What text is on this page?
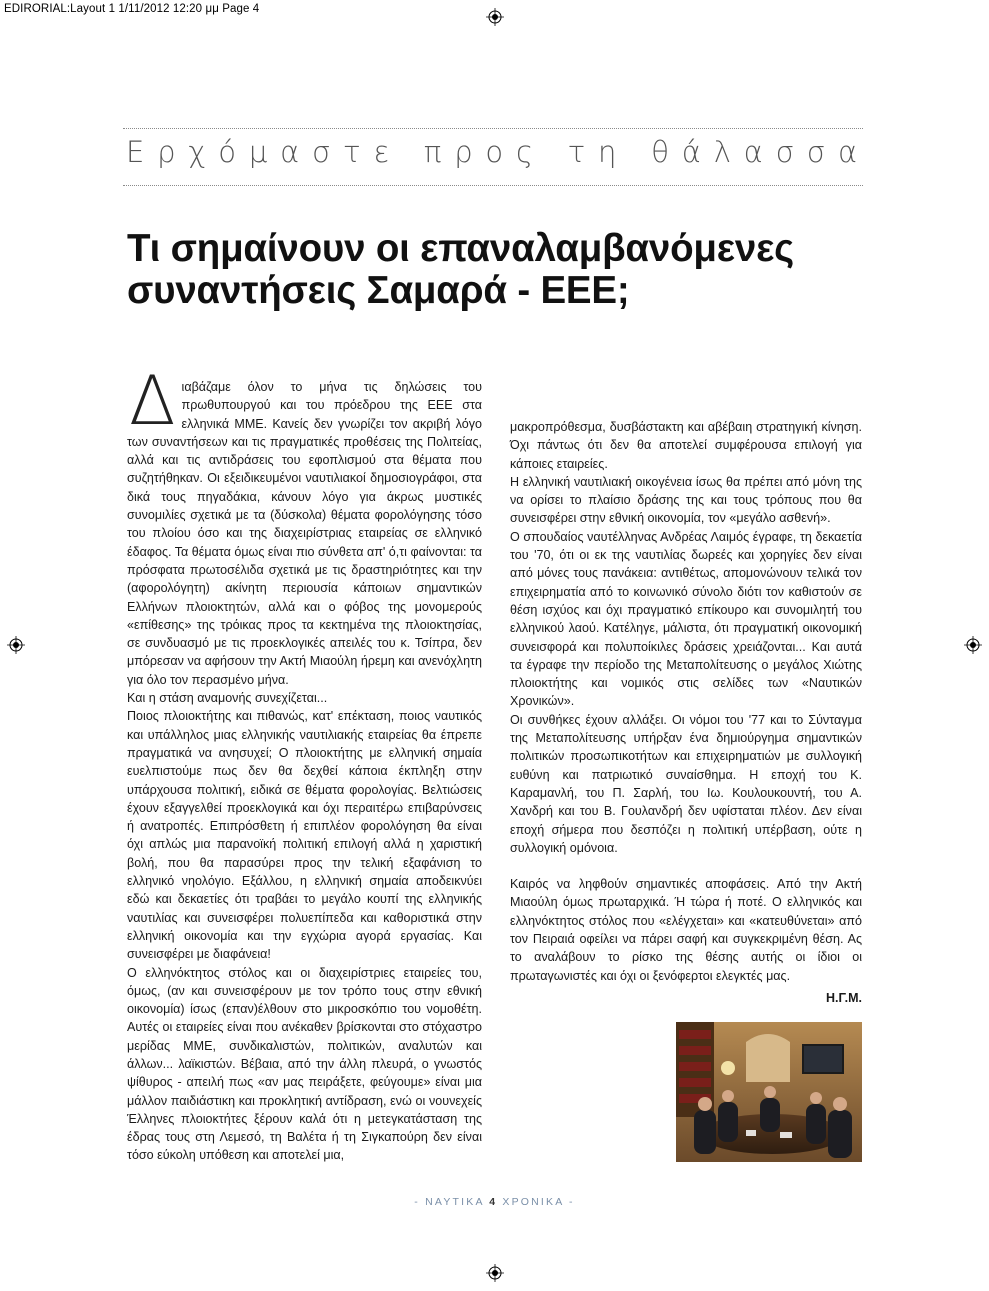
EDIRORIAL:Layout 1 1/11/2012 12:20 μμ Page 4
Ερχόμαστε προς τη θάλασσα
Τι σημαίνουν οι επαναλαμβανόμενες
συναντήσεις Σαμαρά - ΕΕΕ;

Διαβάζαμε όλον το μήνα τις δηλώσεις του πρωθυπουργού και του πρόεδρου της ΕΕΕ στα ελληνικά ΜΜΕ. Κανείς δεν γνωρίζει τον ακριβή λόγο των συναντήσεων και τις πραγματικές προθέσεις της Πολιτείας, αλλά και τις αντιδράσεις του εφοπλισμού στα θέματα που συζητήθηκαν. Οι εξειδικευμένοι ναυτιλιακοί δημοσιογράφοι, στα δικά τους πηγαδάκια, κάνουν λόγο για άκρως μυστικές συνομιλίες σχετικά με τα (δύσκολα) θέματα φορολόγησης τόσο του πλοίου όσο και της διαχειρίστριας εταιρείας σε ελληνικό έδαφος. Τα θέματα όμως είναι πιο σύνθετα απ' ό,τι φαίνονται: τα πρόσφατα πρωτοσέλιδα σχετικά με τις δραστηριότητες και την (αφορολόγητη) ακίνητη περιουσία κάποιων σημαντικών Ελλήνων πλοιοκτητών, αλλά και ο φόβος της μονομερούς «επίθεσης» της τρόικας προς τα κεκτημένα της πλοιοκτησίας, σε συνδυασμό με τις προεκλογικές απειλές του κ. Τσίπρα, δεν μπόρεσαν να αφήσουν την Ακτή Μιαούλη ήρεμη και ανενόχλητη για όλο τον περασμένο μήνα.

Και η στάση αναμονής συνεχίζεται...

Ποιος πλοιοκτήτης και πιθανώς, κατ' επέκταση, ποιος ναυτικός και υπάλληλος μιας ελληνικής ναυτιλιακής εταιρείας θα έπρεπε πραγματικά να ανησυχεί; Ο πλοιοκτήτης με ελληνική σημαία ευελπιστούμε πως δεν θα δεχθεί κάποια έκπληξη στην υπάρχουσα πολιτική, ειδικά σε θέματα φορολογίας. Βελτιώσεις έχουν εξαγγελθεί προεκλογικά και όχι περαιτέρω επιβαρύνσεις ή ανατροπές. Επιπρόσθετη ή επιπλέον φορολόγηση θα είναι όχι απλώς μια παρανοϊκή πολιτική επιλογή αλλά η χαριστική βολή, που θα παρασύρει προς την τελική εξαφάνιση το ελληνικό νηολόγιο. Εξάλλου, η ελληνική σημαία αποδεικνύει εδώ και δεκαετίες ότι τραβάει το μεγάλο κουπί της ελληνικής ναυτιλίας και συνεισφέρει πολυεπίπεδα και καθοριστικά στην ελληνική οικονομία και την εγχώρια αγορά εργασίας. Και συνεισφέρει με διαφάνεια!

Ο ελληνόκτητος στόλος και οι διαχειρίστριες εταιρείες του, όμως, (αν και συνεισφέρουν με τον τρόπο τους στην εθνική οικονομία) ίσως (επαν)έλθουν στο μικροσκόπιο του νομοθέτη. Αυτές οι εταιρείες είναι που ανέκαθεν βρίσκονται στο στόχαστρο μερίδας ΜΜΕ, συνδικαλιστών, πολιτικών, αναλυτών και άλλων... λαϊκιστών. Βέβαια, από την άλλη πλευρά, ο γνωστός ψίθυρος - απειλή πως «αν μας πειράξετε, φεύγουμε» είναι μια μάλλον παιδιάστικη και προκλητική αντίδραση, ενώ οι νουνεχείς Έλληνες πλοιοκτήτες ξέρουν καλά ότι η μετεγκατάσταση της έδρας τους στη Λεμεσό, τη Βαλέτα ή τη Σιγκαπούρη δεν είναι τόσο εύκολη υπόθεση και αποτελεί μια,

μακροπρόθεσμα, δυσβάστακτη και αβέβαιη στρατηγική κίνηση. Όχι πάντως ότι δεν θα αποτελεί συμφέρουσα επιλογή για κάποιες εταιρείες.

Η ελληνική ναυτιλιακή οικογένεια ίσως θα πρέπει από μόνη της να ορίσει το πλαίσιο δράσης της και τους τρόπους που θα συνεισφέρει στην εθνική οικονομία, τον «μεγάλο ασθενή».

Ο σπουδαίος ναυτέλληνας Ανδρέας Λαιμός έγραφε, τη δεκαετία του '70, ότι οι εκ της ναυτιλίας δωρεές και χορηγίες δεν είναι από μόνες τους πανάκεια: αντιθέτως, απομονώνουν τελικά τον επιχειρηματία από το κοινωνικό σύνολο διότι τον καθιστούν σε θέση ισχύος και όχι πραγματικό επίκουρο και συνομιλητή του ελληνικού λαού. Κατέληγε, μάλιστα, ότι πραγματική οικονομική συνεισφορά και πολυποίκιλες δράσεις χρειάζονται... Και αυτά τα έγραφε την περίοδο της Μεταπολίτευσης ο μεγάλος Χιώτης πλοιοκτήτης και νομικός στις σελίδες των «Ναυτικών Χρονικών».

Οι συνθήκες έχουν αλλάξει. Οι νόμοι του '77 και το Σύνταγμα της Μεταπολίτευσης υπήρξαν ένα δημιούργημα σημαντικών πολιτικών προσωπικοτήτων και επιχειρηματιών με συλλογική ευθύνη και πατριωτικό συναίσθημα. Η εποχή του Κ. Καραμανλή, του Π. Σαρλή, του Ιω. Κουλουκουντή, του Α. Χανδρή και του Β. Γουλανδρή δεν υφίσταται πλέον. Δεν είναι εποχή σήμερα που δεσπόζει η πολιτική υπέρβαση, ούτε η συλλογική ομόνοια.

Καιρός να ληφθούν σημαντικές αποφάσεις. Από την Ακτή Μιαούλη όμως πρωταρχικά. Ή τώρα ή ποτέ. Ο ελληνικός και ελληνόκτητος στόλος που «ελέγχεται» και «κατευθύνεται» από τον Πειραιά οφείλει να πάρει σαφή και συγκεκριμένη θέση. Ας το αναλάβουν το ρίσκο της θέσης αυτής οι ίδιοι οι πρωταγωνιστές και όχι οι ξενόφερτοι ελεγκτές μας.

Η.Γ.Μ.
- ΝΑΥΤΙΚΑ 4 ΧΡΟΝΙΚΑ -
